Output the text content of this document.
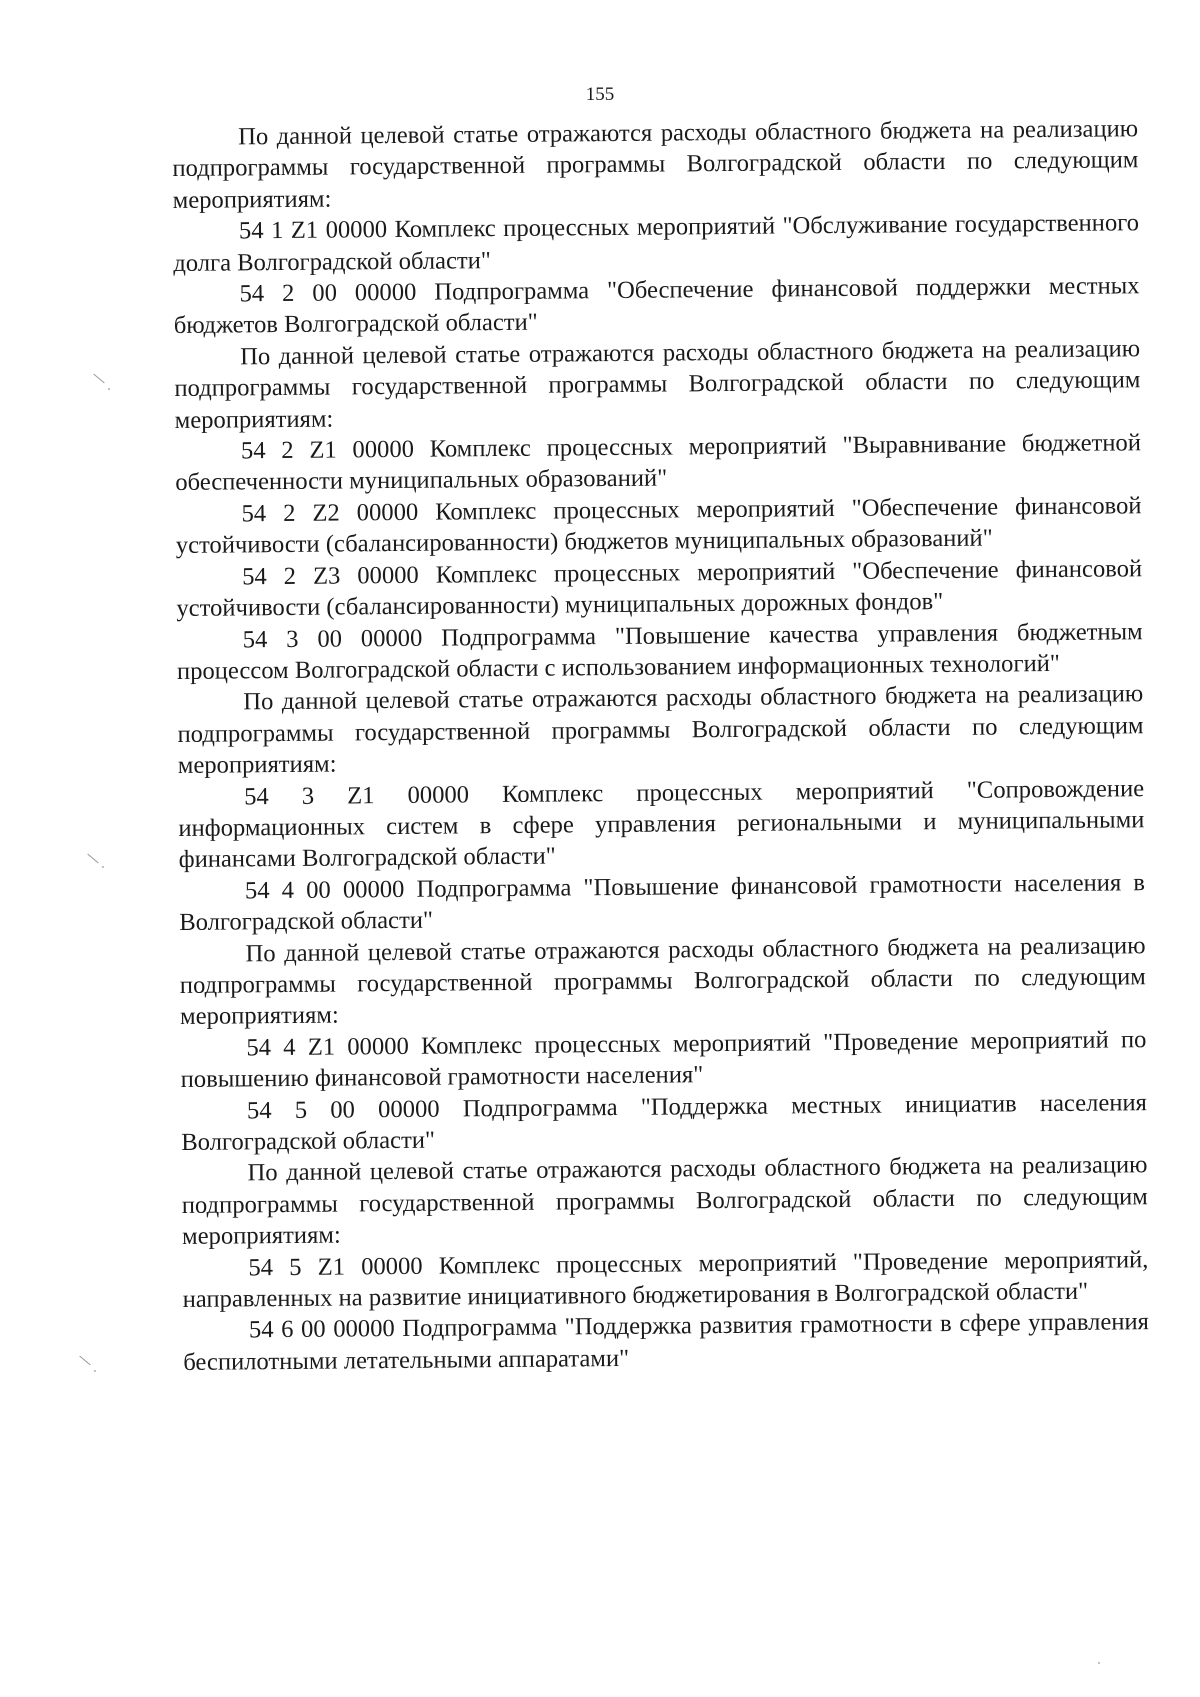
155

По данной целевой статье отражаются расходы областного бюджета на реализацию подпрограммы государственной программы Волгоградской области по следующим мероприятиям:

54 1 Z1 00000 Комплекс процессных мероприятий "Обслуживание государственного долга Волгоградской области"

54 2 00 00000 Подпрограмма "Обеспечение финансовой поддержки местных бюджетов Волгоградской области"

По данной целевой статье отражаются расходы областного бюджета на реализацию подпрограммы государственной программы Волгоградской области по следующим мероприятиям:

54 2 Z1 00000 Комплекс процессных мероприятий "Выравнивание бюджетной обеспеченности муниципальных образований"

54 2 Z2 00000 Комплекс процессных мероприятий "Обеспечение финансовой устойчивости (сбалансированности) бюджетов муниципальных образований"

54 2 Z3 00000 Комплекс процессных мероприятий "Обеспечение финансовой устойчивости (сбалансированности) муниципальных дорожных фондов"

54 3 00 00000 Подпрограмма "Повышение качества управления бюджетным процессом Волгоградской области с использованием информационных технологий"

По данной целевой статье отражаются расходы областного бюджета на реализацию подпрограммы государственной программы Волгоградской области по следующим мероприятиям:

54 3 Z1 00000 Комплекс процессных мероприятий "Сопровождение информационных систем в сфере управления региональными и муниципальными финансами Волгоградской области"

54 4 00 00000 Подпрограмма "Повышение финансовой грамотности населения в Волгоградской области"

По данной целевой статье отражаются расходы областного бюджета на реализацию подпрограммы государственной программы Волгоградской области по следующим мероприятиям:

54 4 Z1 00000 Комплекс процессных мероприятий "Проведение мероприятий по повышению финансовой грамотности населения"

54 5 00 00000 Подпрограмма "Поддержка местных инициатив населения Волгоградской области"

По данной целевой статье отражаются расходы областного бюджета на реализацию подпрограммы государственной программы Волгоградской области по следующим мероприятиям:

54 5 Z1 00000 Комплекс процессных мероприятий "Проведение мероприятий, направленных на развитие инициативного бюджетирования в Волгоградской области"

54 6 00 00000 Подпрограмма "Поддержка развития грамотности в сфере управления беспилотными летательными аппаратами"
